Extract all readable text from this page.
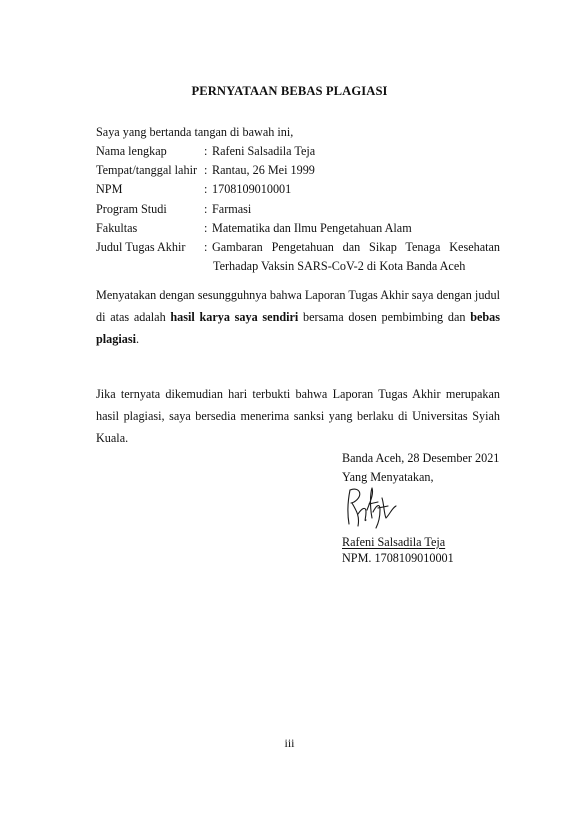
PERNYATAAN BEBAS PLAGIASI
Saya yang bertanda tangan di bawah ini,
Nama lengkap	: Rafeni Salsadila Teja
Tempat/tanggal lahir : Rantau, 26 Mei 1999
NPM	: 1708109010001
Program Studi	: Farmasi
Fakultas	: Matematika dan Ilmu Pengetahuan Alam
Judul Tugas Akhir	: Gambaran Pengetahuan dan Sikap Tenaga Kesehatan
Terhadap Vaksin SARS-CoV-2 di Kota Banda Aceh
Menyatakan dengan sesungguhnya bahwa Laporan Tugas Akhir saya dengan judul di atas adalah hasil karya saya sendiri bersama dosen pembimbing dan bebas plagiasi.
Jika ternyata dikemudian hari terbukti bahwa Laporan Tugas Akhir merupakan hasil plagiasi, saya bersedia menerima sanksi yang berlaku di Universitas Syiah Kuala.
Banda Aceh, 28 Desember 2021
Yang Menyatakan,
Rafeni Salsadila Teja
NPM. 1708109010001
iii
